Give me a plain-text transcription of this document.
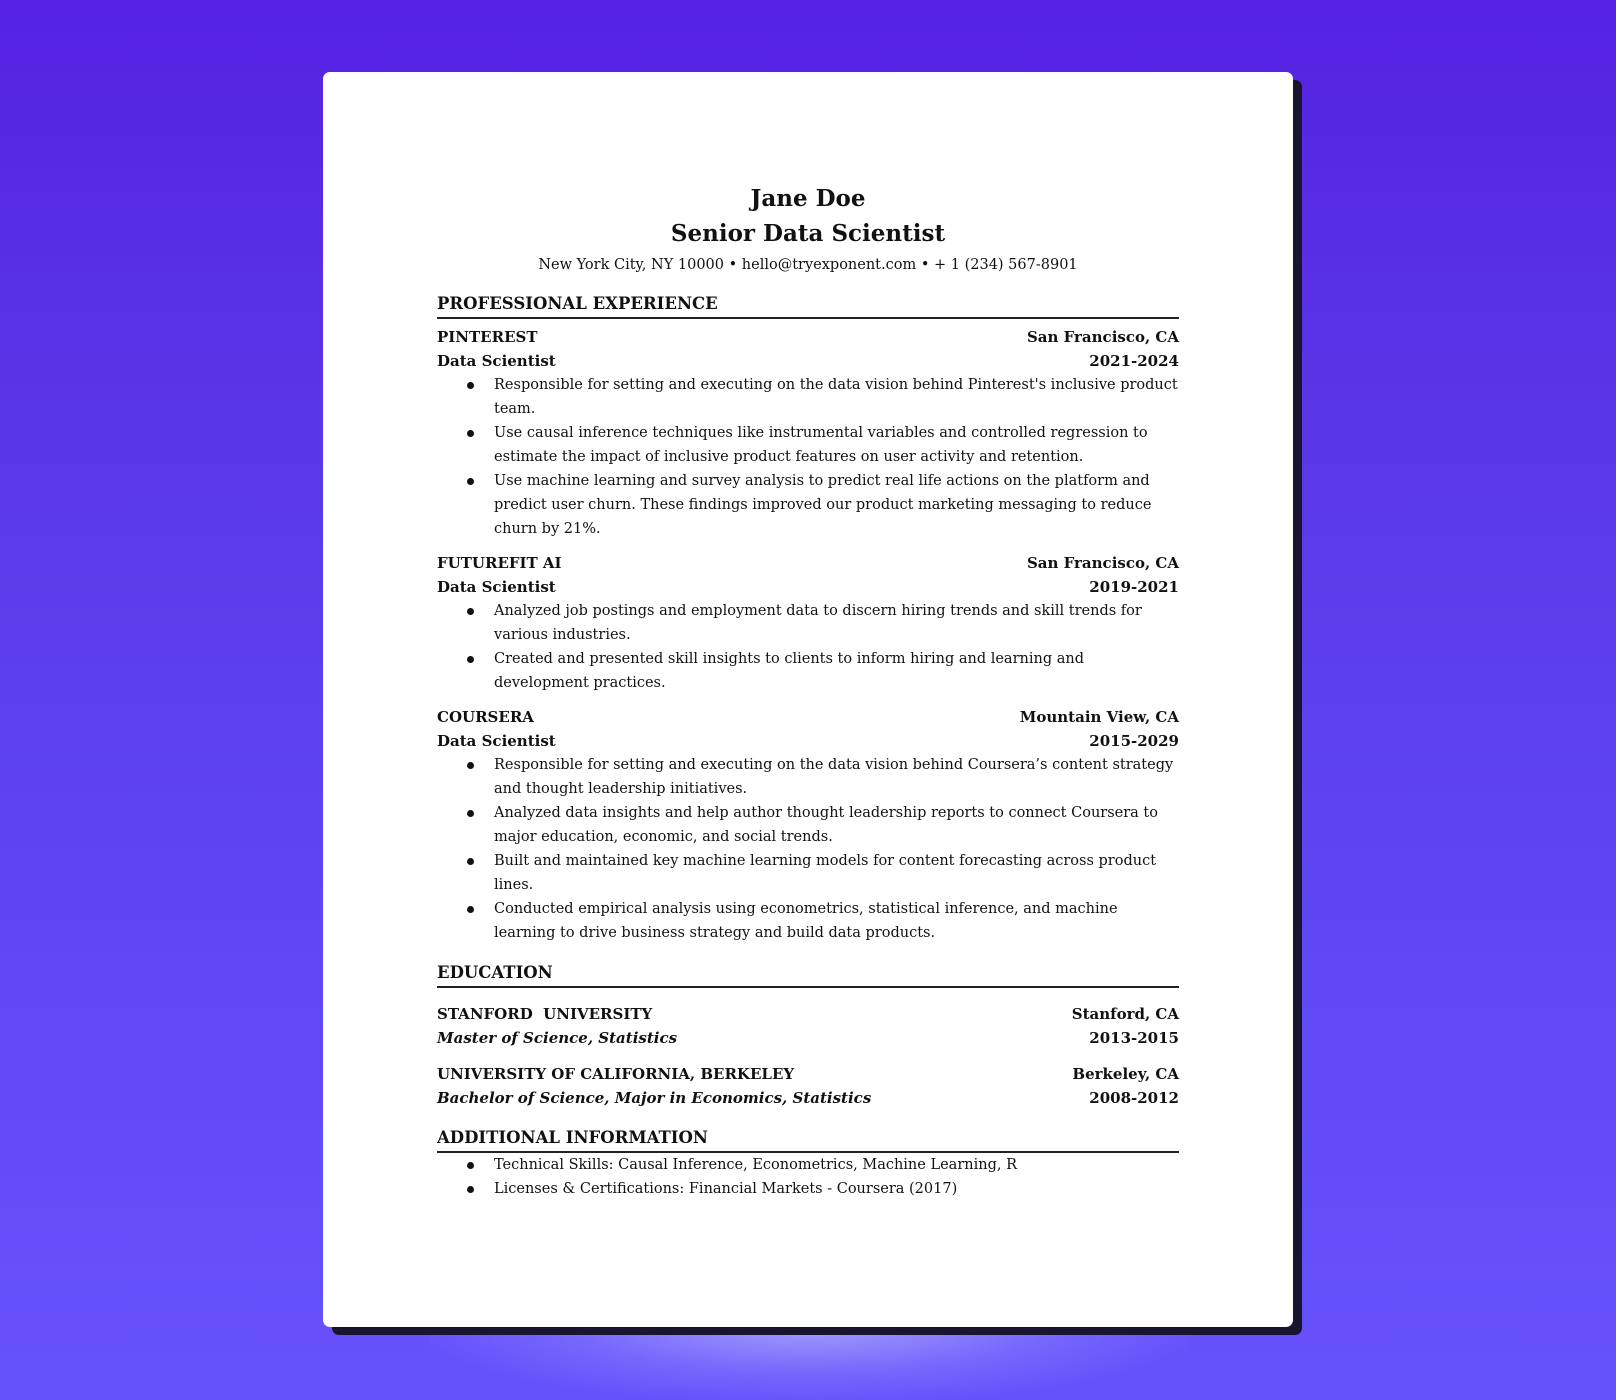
Jane Doe
Senior Data Scientist
New York City, NY 10000 • hello@tryexponent.com • + 1 (234) 567-8901
PROFESSIONAL EXPERIENCE
PINTEREST	San Francisco, CA
Data Scientist	2021-2024
Responsible for setting and executing on the data vision behind Pinterest's inclusive product team.
Use causal inference techniques like instrumental variables and controlled regression to estimate the impact of inclusive product features on user activity and retention.
Use machine learning and survey analysis to predict real life actions on the platform and predict user churn. These findings improved our product marketing messaging to reduce churn by 21%.
FUTUREFIT AI	San Francisco, CA
Data Scientist	2019-2021
Analyzed job postings and employment data to discern hiring trends and skill trends for various industries.
Created and presented skill insights to clients to inform hiring and learning and development practices.
COURSERA	Mountain View, CA
Data Scientist	2015-2029
Responsible for setting and executing on the data vision behind Coursera’s content strategy and thought leadership initiatives.
Analyzed data insights and help author thought leadership reports to connect Coursera to major education, economic, and social trends.
Built and maintained key machine learning models for content forecasting across product lines.
Conducted empirical analysis using econometrics, statistical inference, and machine learning to drive business strategy and build data products.
EDUCATION
STANFORD  UNIVERSITY	Stanford, CA
Master of Science, Statistics	2013-2015
UNIVERSITY OF CALIFORNIA, BERKELEY	Berkeley, CA
Bachelor of Science, Major in Economics, Statistics	2008-2012
ADDITIONAL INFORMATION
Technical Skills: Causal Inference, Econometrics, Machine Learning, R
Licenses & Certifications: Financial Markets - Coursera (2017)
